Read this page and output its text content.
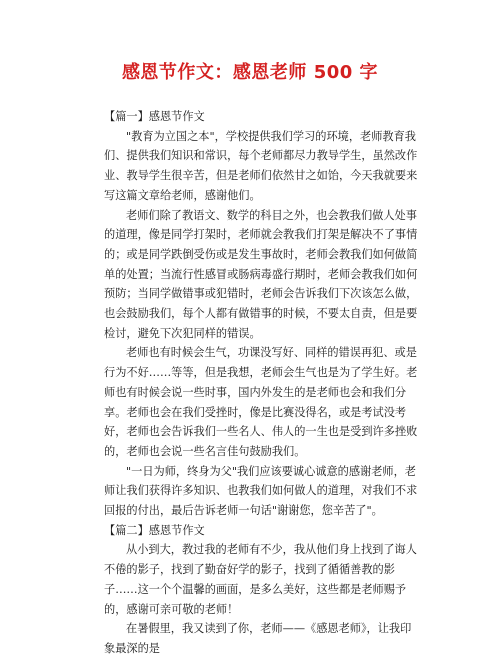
感恩节作文：感恩老师 500 字

【篇一】感恩节作文

"教育为立国之本"，学校提供我们学习的环境，老师教育我们、提供我们知识和常识，每个老师都尽力教导学生，虽然改作业、教导学生很辛苦，但是老师们依然甘之如饴，今天我就要来写这篇文章给老师，感谢他们。

老师们除了教语文、数学的科目之外，也会教我们做人处事的道理，像是同学打架时，老师就会教我们打架是解决不了事情的；或是同学跌倒受伤或是发生事故时，老师会教我们如何做简单的处置；当流行性感冒或肠病毒盛行期时，老师会教我们如何预防；当同学做错事或犯错时，老师会告诉我们下次该怎么做，也会鼓励我们，每个人都有做错事的时候，不要太自责，但是要检讨，避免下次犯同样的错误。

老师也有时候会生气，功课没写好、同样的错误再犯、或是行为不好……等等，但是我想，老师会生气也是为了学生好。老师也有时候会说一些时事，国内外发生的是老师也会和我们分享。老师也会在我们受挫时，像是比赛没得名，或是考试没考好，老师也会告诉我们一些名人、伟人的一生也是受到许多挫败的，老师也会说一些名言佳句鼓励我们。

"一日为师，终身为父"我们应该要诚心诚意的感谢老师，老师让我们获得许多知识、也教我们如何做人的道理，对我们不求回报的付出，最后告诉老师一句话"谢谢您，您辛苦了"。

【篇二】感恩节作文

从小到大，教过我的老师有不少，我从他们身上找到了诲人不倦的影子，找到了勤奋好学的影子，找到了循循善教的影子……这一个个温馨的画面，是多么美好，这些都是老师赐予的，感谢可亲可敬的老师！

在暑假里，我又读到了你，老师——《感恩老师》，让我印象最深的是
